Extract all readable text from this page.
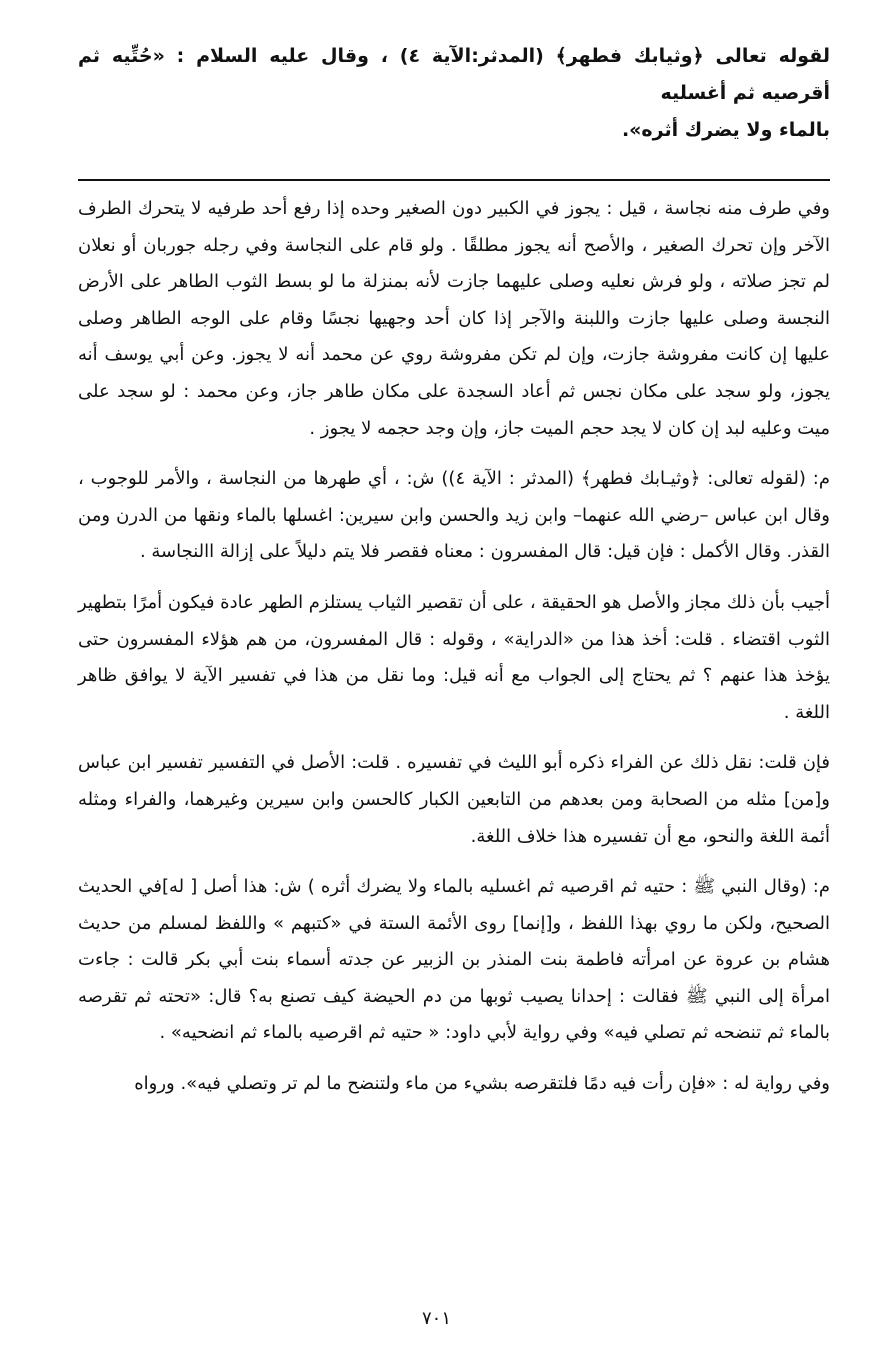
لقوله تعالى ﴿وثيابك فطهر﴾ (المدثر:الآية ٤) ، وقال عليه السلام : «حُتِّيه ثم أقرصيه ثم أغسليه

بالماء ولا يضرك أثره».

وفي طرف منه نجاسة ، قيل : يجوز في الكبير دون الصغير وحده إذا رفع أحد طرفيه لا يتحرك الطرف الآخر وإن تحرك الصغير ، والأصح أنه يجوز مطلقًا . ولو قام على النجاسة وفي رجله جوربان أو نعلان لم تجز صلاته ، ولو فرش نعليه وصلى عليهما جازت لأنه بمنزلة ما لو بسط الثوب الطاهر على الأرض النجسة وصلى عليها جازت واللبنة والآجر إذا كان أحد وجهيها نجسًا وقام على الوجه الطاهر وصلى عليها إن كانت مفروشة جازت، وإن لم تكن مفروشة روي عن محمد أنه لا يجوز. وعن أبي يوسف أنه يجوز، ولو سجد على مكان نجس ثم أعاد السجدة على مكان طاهر جاز، وعن محمد : لو سجد على ميت وعليه لبد إن كان لا يجد حجم الميت جاز، وإن وجد حجمه لا يجوز .

م: (لقوله تعالى: ﴿وثيـابك فطهر﴾ (المدثر : الآية ٤)) ش: ، أي طهرها من النجاسة ، والأمر للوجوب ، وقال ابن عباس –رضي الله عنهما– وابن زيد والحسن وابن سيرين: اغسلها بالماء ونقها من الدرن ومن القذر. وقال الأكمل : فإن قيل: قال المفسرون : معناه فقصر فلا يتم دليلاً على إزالة االنجاسة .

أجيب بأن ذلك مجاز والأصل هو الحقيقة ، على أن تقصير الثياب يستلزم الطهر عادة فيكون أمرًا بتطهير الثوب اقتضاء . قلت: أخذ هذا من «الدراية» ، وقوله : قال المفسرون، من هم هؤلاء المفسرون حتى يؤخذ هذا عنهم ؟ ثم يحتاج إلى الجواب مع أنه قيل: وما نقل من هذا في تفسير الآية لا يوافق ظاهر اللغة .

فإن قلت: نقل ذلك عن الفراء ذكره أبو الليث في تفسيره . قلت: الأصل في التفسير تفسير ابن عباس و[من] مثله من الصحابة ومن بعدهم من التابعين الكبار كالحسن وابن سيرين وغيرهما، والفراء ومثله أئمة اللغة والنحو، مع أن تفسيره هذا خلاف اللغة.

م: (وقال النبي ﷺ : حتيه ثم اقرصيه ثم اغسليه بالماء ولا يضرك أثره ) ش: هذا أصل [ له]في الحديث الصحيح، ولكن ما روي بهذا اللفظ ، و[إنما] روى الأئمة الستة في «كتبهم » واللفظ لمسلم من حديث هشام بن عروة عن امرأته فاطمة بنت المنذر بن الزبير عن جدته أسماء بنت أبي بكر قالت : جاءت امرأة إلى النبي ﷺ فقالت : إحدانا يصيب ثوبها من دم الحيضة كيف تصنع به؟ قال: «تحته ثم تقرصه بالماء ثم تنضحه ثم تصلي فيه» وفي رواية لأبي داود: « حتيه ثم اقرصيه بالماء ثم انضحيه» .

وفي رواية له : «فإن رأت فيه دمًا فلتقرصه بشيء من ماء ولتنضح ما لم تر وتصلي فيه». ورواه

٧٠١
